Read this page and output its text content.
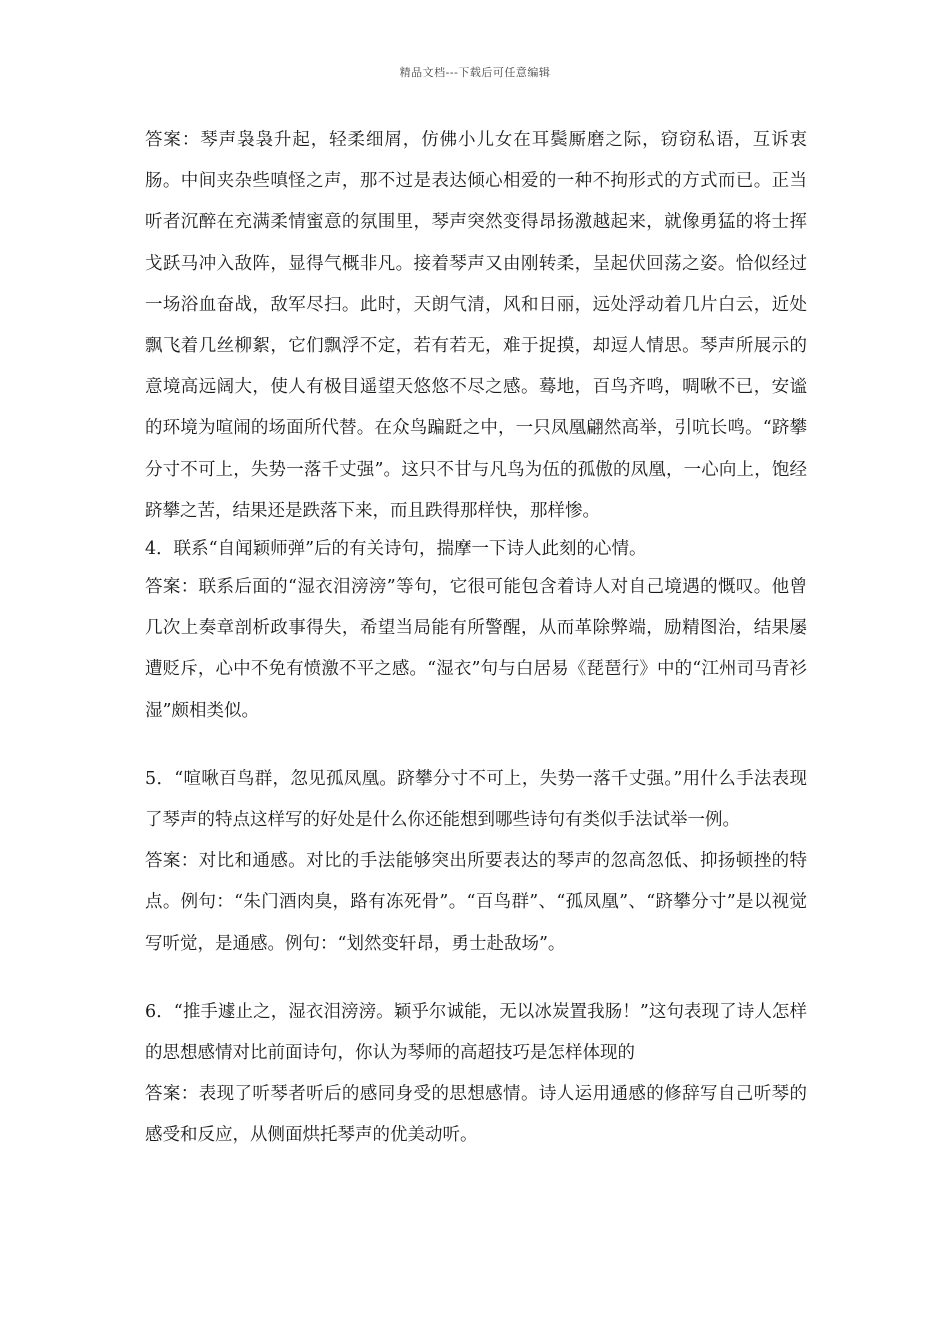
精品文档---下载后可任意编辑

答案：琴声袅袅升起，轻柔细屑，仿佛小儿女在耳鬓厮磨之际，窃窃私语，互诉衷肠。中间夹杂些嗔怪之声，那不过是表达倾心相爱的一种不拘形式的方式而已。正当听者沉醉在充满柔情蜜意的氛围里，琴声突然变得昂扬激越起来，就像勇猛的将士挥戈跃马冲入敌阵，显得气概非凡。接着琴声又由刚转柔，呈起伏回荡之姿。恰似经过一场浴血奋战，敌军尽扫。此时，天朗气清，风和日丽，远处浮动着几片白云，近处飘飞着几丝柳絮，它们飘浮不定，若有若无，难于捉摸，却逗人情思。琴声所展示的意境高远阔大，使人有极目遥望天悠悠不尽之感。蓦地，百鸟齐鸣，啁啾不已，安谧的环境为喧闹的场面所代替。在众鸟蹁跹之中，一只凤凰翩然高举，引吭长鸣。“跻攀分寸不可上，失势一落千丈强”。这只不甘与凡鸟为伍的孤傲的凤凰，一心向上，饱经跻攀之苦，结果还是跌落下来，而且跌得那样快，那样惨。

4．联系“自闻颖师弹”后的有关诗句，揣摩一下诗人此刻的心情。

答案：联系后面的“湿衣泪滂滂”等句，它很可能包含着诗人对自己境遇的慨叹。他曾几次上奏章剖析政事得失，希望当局能有所警醒，从而革除弊端，励精图治，结果屡遭贬斥，心中不免有愤激不平之感。“湿衣”句与白居易《琵琶行》中的“江州司马青衫湿”颇相类似。

5．“喧啾百鸟群，忽见孤凤凰。跻攀分寸不可上，失势一落千丈强。”用什么手法表现了琴声的特点这样写的好处是什么你还能想到哪些诗句有类似手法试举一例。

答案：对比和通感。对比的手法能够突出所要表达的琴声的忽高忽低、抑扬顿挫的特点。例句：“朱门酒肉臭，路有冻死骨”。“百鸟群”、“孤凤凰”、“跻攀分寸”是以视觉写听觉，是通感。例句：“划然变轩昂，勇士赴敌场”。

6．“推手遽止之，湿衣泪滂滂。颖乎尔诚能，无以冰炭置我肠！”这句表现了诗人怎样的思想感情对比前面诗句，你认为琴师的高超技巧是怎样体现的

答案：表现了听琴者听后的感同身受的思想感情。诗人运用通感的修辞写自己听琴的感受和反应，从侧面烘托琴声的优美动听。
